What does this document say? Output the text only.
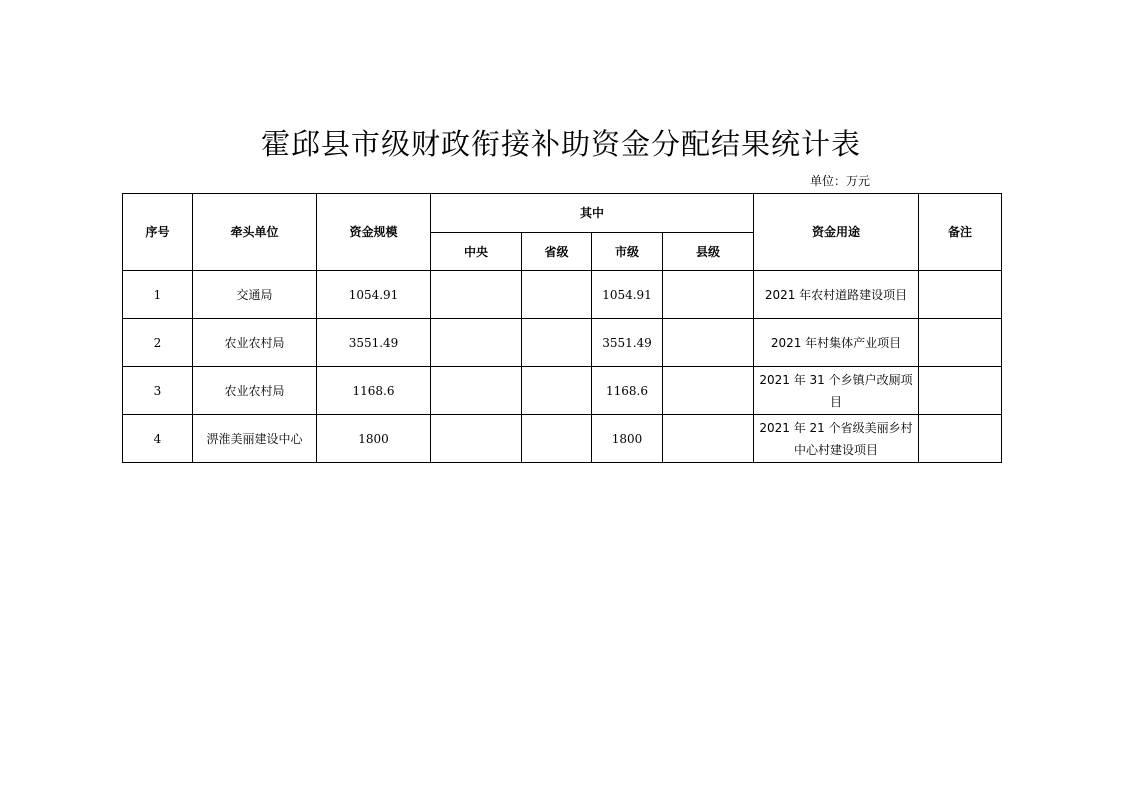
霍邱县市级财政衔接补助资金分配结果统计表
单位：万元
序号	牵头单位	资金规模	其中				资金用途	备注
			中央	省级	市级	县级		
1	交通局	1054.91			1054.91		2021 年农村道路建设项目	
2	农业农村局	3551.49			3551.49		2021 年村集体产业项目	
3	农业农村局	1168.6			1168.6		2021 年 31 个乡镇户改厕项目	
4	淠淮美丽建设中心	1800			1800		2021 年 21 个省级美丽乡村中心村建设项目	
